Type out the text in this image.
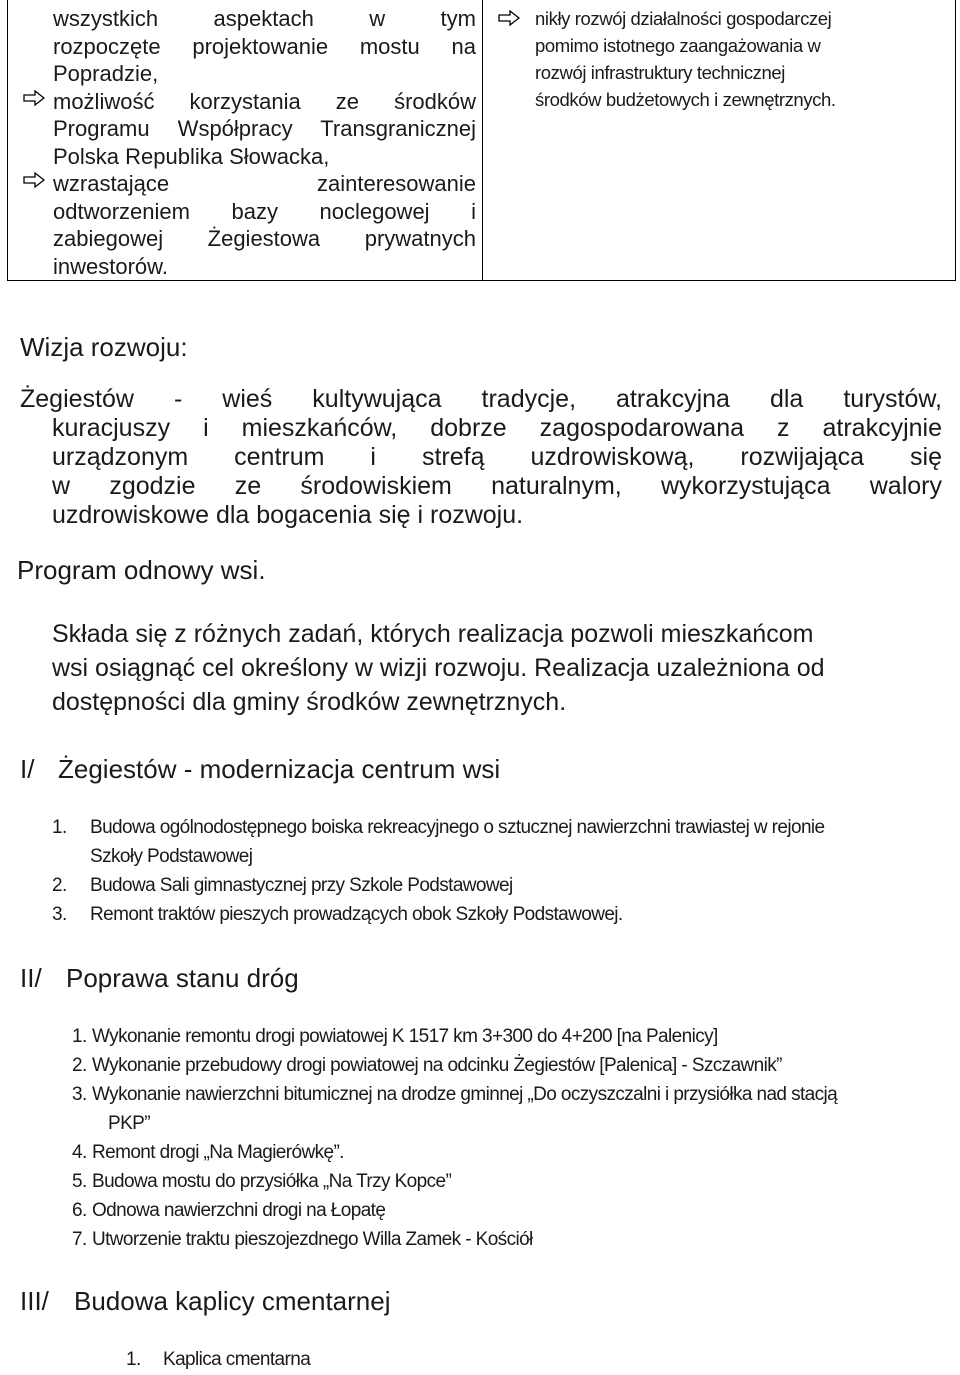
wszystkich aspektach w tym
rozpoczęte projektowanie mostu na
Popradzie,
możliwość korzystania ze środków
Programu Współpracy Transgranicznej
Polska Republika Słowacka,
wzrastające zainteresowanie
odtworzeniem bazy noclegowej i
zabiegowej Żegiestowa prywatnych
inwestorów.
nikły rozwój działalności gospodarczej
pomimo istotnego zaangażowania w
rozwój infrastruktury technicznej
środków budżetowych i zewnętrznych.
Wizja rozwoju:
Żegiestów - wieś kultywująca tradycje, atrakcyjna dla turystów,
kuracjuszy i mieszkańców, dobrze zagospodarowana z atrakcyjnie
urządzonym centrum i strefą uzdrowiskową, rozwijająca się
w zgodzie ze środowiskiem naturalnym, wykorzystująca walory
uzdrowiskowe dla bogacenia się i rozwoju.
Program odnowy wsi.
Składa się z różnych zadań, których realizacja pozwoli mieszkańcom
wsi osiągnąć cel określony w wizji rozwoju. Realizacja uzależniona od
dostępności dla gminy środków zewnętrznych.
I/ Żegiestów - modernizacja centrum wsi
1. Budowa ogólnodostępnego boiska rekreacyjnego o sztucznej nawierzchni trawiastej w rejonie
Szkoły Podstawowej
2. Budowa Sali gimnastycznej przy Szkole Podstawowej
3. Remont traktów pieszych prowadzących obok Szkoły Podstawowej.
II/ Poprawa stanu dróg
1. Wykonanie remontu drogi powiatowej K 1517 km 3+300 do 4+200 [na Palenicy]
2. Wykonanie przebudowy drogi powiatowej na odcinku Żegiestów [Palenica] - Szczawnik”
3. Wykonanie nawierzchni bitumicznej na drodze gminnej „Do oczyszczalni i przysiółka nad stacją
PKP”
4. Remont drogi „Na Magierówkę”.
5. Budowa mostu do przysiółka „Na Trzy Kopce”
6. Odnowa nawierzchni drogi na Łopatę
7. Utworzenie traktu pieszojezdnego Willa Zamek - Kościół
III/ Budowa kaplicy cmentarnej
1. Kaplica cmentarna
